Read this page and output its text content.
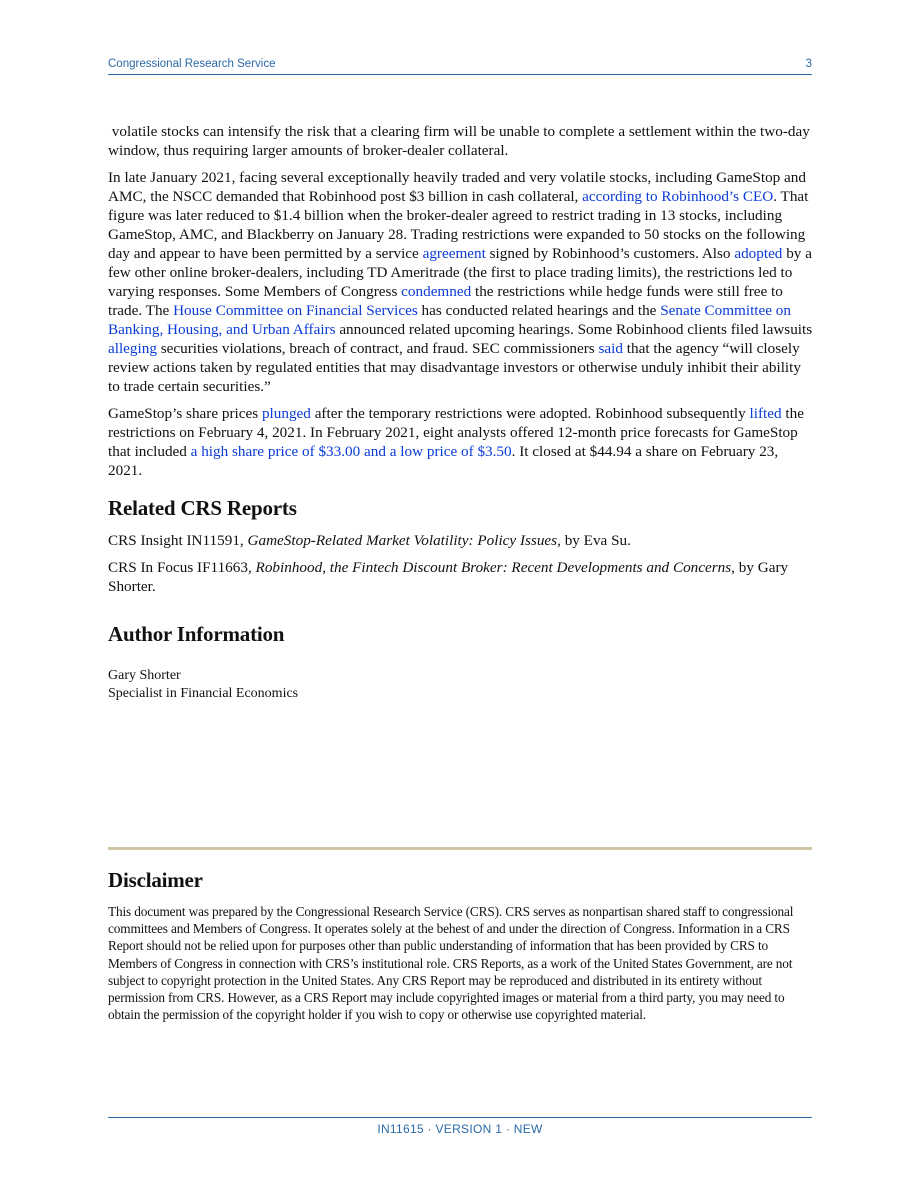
Congressional Research Service	3

volatile stocks can intensify the risk that a clearing firm will be unable to complete a settlement within the two-day window, thus requiring larger amounts of broker-dealer collateral.

In late January 2021, facing several exceptionally heavily traded and very volatile stocks, including GameStop and AMC, the NSCC demanded that Robinhood post $3 billion in cash collateral, according to Robinhood’s CEO. That figure was later reduced to $1.4 billion when the broker-dealer agreed to restrict trading in 13 stocks, including GameStop, AMC, and Blackberry on January 28. Trading restrictions were expanded to 50 stocks on the following day and appear to have been permitted by a service agreement signed by Robinhood’s customers. Also adopted by a few other online broker-dealers, including TD Ameritrade (the first to place trading limits), the restrictions led to varying responses. Some Members of Congress condemned the restrictions while hedge funds were still free to trade. The House Committee on Financial Services has conducted related hearings and the Senate Committee on Banking, Housing, and Urban Affairs announced related upcoming hearings. Some Robinhood clients filed lawsuits alleging securities violations, breach of contract, and fraud. SEC commissioners said that the agency “will closely review actions taken by regulated entities that may disadvantage investors or otherwise unduly inhibit their ability to trade certain securities.”

GameStop’s share prices plunged after the temporary restrictions were adopted. Robinhood subsequently lifted the restrictions on February 4, 2021. In February 2021, eight analysts offered 12-month price forecasts for GameStop that included a high share price of $33.00 and a low price of $3.50. It closed at $44.94 a share on February 23, 2021.

Related CRS Reports

CRS Insight IN11591, GameStop-Related Market Volatility: Policy Issues, by Eva Su.

CRS In Focus IF11663, Robinhood, the Fintech Discount Broker: Recent Developments and Concerns, by Gary Shorter.

Author Information

Gary Shorter

Specialist in Financial Economics

Disclaimer

This document was prepared by the Congressional Research Service (CRS). CRS serves as nonpartisan shared staff to congressional committees and Members of Congress. It operates solely at the behest of and under the direction of Congress. Information in a CRS Report should not be relied upon for purposes other than public understanding of information that has been provided by CRS to Members of Congress in connection with CRS’s institutional role. CRS Reports, as a work of the United States Government, are not subject to copyright protection in the United States. Any CRS Report may be reproduced and distributed in its entirety without permission from CRS. However, as a CRS Report may include copyrighted images or material from a third party, you may need to obtain the permission of the copyright holder if you wish to copy or otherwise use copyrighted material.

IN11615 · VERSION 1 · NEW
